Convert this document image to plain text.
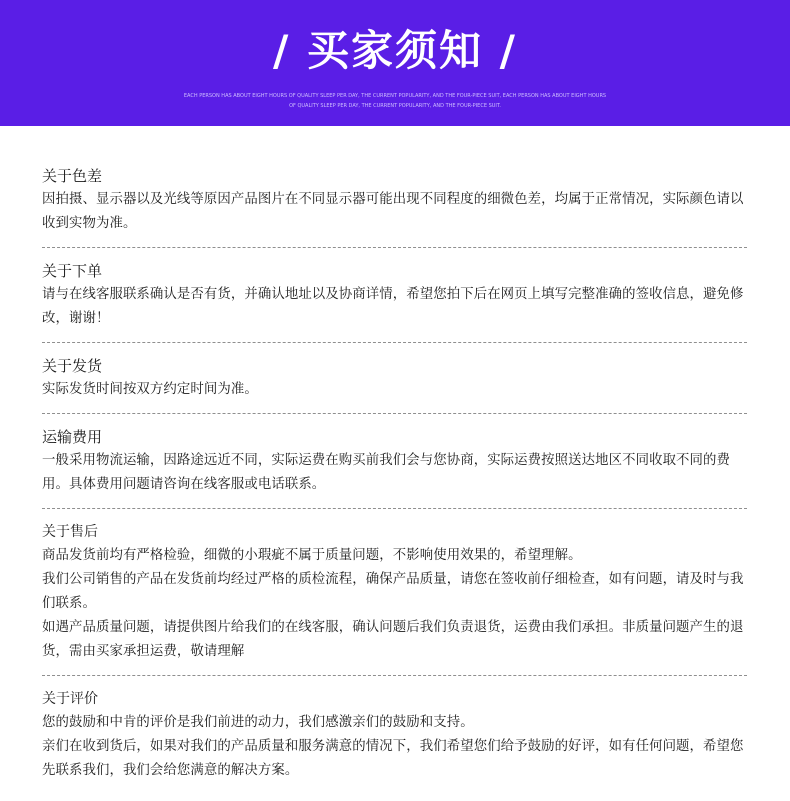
/ 买家须知 /
EACH PERSON HAS ABOUT EIGHT HOURS OF QUALITY SLEEP PER DAY, THE CURRENT POPULARITY, AND THE FOUR-PIECE SUIT, EACH PERSON HAS ABOUT EIGHT HOURS
OF QUALITY SLEEP PER DAY, THE CURRENT POPULARITY, AND THE FOUR-PIECE SUIT.
关于色差
因拍摄、显示器以及光线等原因产品图片在不同显示器可能出现不同程度的细微色差，均属于正常情况，实际颜色请以收到实物为准。
关于下单
请与在线客服联系确认是否有货，并确认地址以及协商详情，希望您拍下后在网页上填写完整准确的签收信息，避免修改，谢谢！
关于发货
实际发货时间按双方约定时间为准。
运输费用
一般采用物流运输，因路途远近不同，实际运费在购买前我们会与您协商，实际运费按照送达地区不同收取不同的费用。具体费用问题请咨询在线客服或电话联系。
关于售后
商品发货前均有严格检验，细微的小瑕疵不属于质量问题，不影响使用效果的，希望理解。
我们公司销售的产品在发货前均经过严格的质检流程，确保产品质量，请您在签收前仔细检查，如有问题，请及时与我们联系。
如遇产品质量问题，请提供图片给我们的在线客服，确认问题后我们负责退货，运费由我们承担。非质量问题产生的退货，需由买家承担运费，敬请理解
关于评价
您的鼓励和中肯的评价是我们前进的动力，我们感激亲们的鼓励和支持。
亲们在收到货后，如果对我们的产品质量和服务满意的情况下，我们希望您们给予鼓励的好评，如有任何问题，希望您先联系我们，我们会给您满意的解决方案。
